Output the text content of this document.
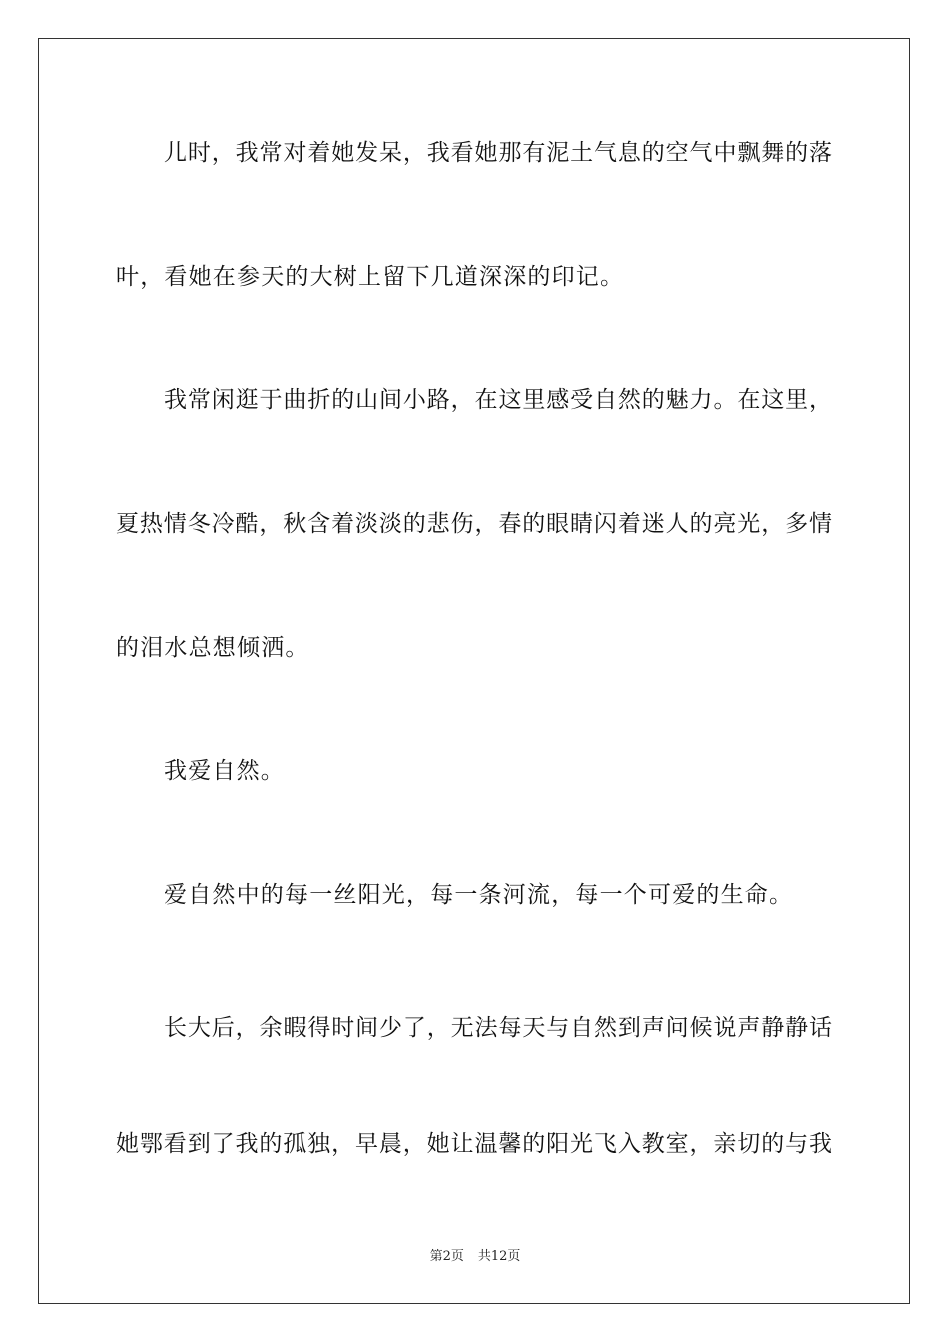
儿时，我常对着她发呆，我看她那有泥土气息的空气中飘舞的落
叶，看她在参天的大树上留下几道深深的印记。
我常闲逛于曲折的山间小路，在这里感受自然的魅力。在这里，
夏热情冬冷酷，秋含着淡淡的悲伤，春的眼睛闪着迷人的亮光，多情
的泪水总想倾洒。
我爱自然。
爱自然中的每一丝阳光，每一条河流，每一个可爱的生命。
长大后，余暇得时间少了，无法每天与自然到声问候说声静静话
她鄂看到了我的孤独，早晨，她让温馨的阳光飞入教室，亲切的与我
第2页 共12页
